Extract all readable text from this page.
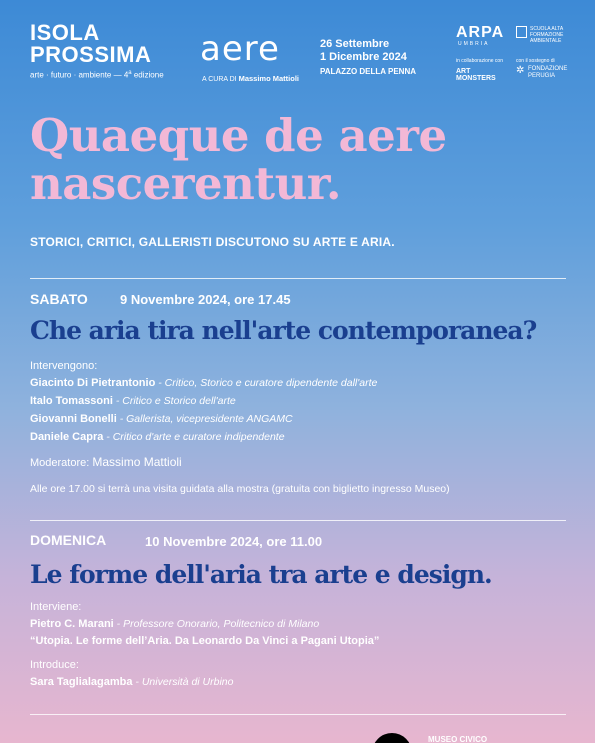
ISOLA
PROSSIMA
arte · futuro · ambiente — 4$^a$ edizione
aere
A CURA DI Massimo Mattioli
26 Settembre
1 Dicembre 2024
PALAZZO DELLA PENNA
ARPA
UMBRIA
SCUOLA ALTA
FORMAZIONE
AMBIENTALE
in collaborazione con
ART
MONSTERS
con il sostegno di
✲ FONDAZIONE
PERUGIA
Quaeque de aere
nascerentur.
STORICI, CRITICI, GALLERISTI DISCUTONO SU ARTE E ARIA.
SABATO 9 Novembre 2024, ore 17.45
Che aria tira nell'arte contemporanea?
Intervengono:
Giacinto Di Pietrantonio - Critico, Storico e curatore dipendente dall'arte
Italo Tomassoni - Critico e Storico dell'arte
Giovanni Bonelli - Gallerista, vicepresidente ANGAMC
Daniele Capra - Critico d'arte e curatore indipendente
Moderatore: Massimo Mattioli
Alle ore 17.00 si terrà una visita guidata alla mostra (gratuita con biglietto ingresso Museo)
DOMENICA	10 Novembre 2024, ore 11.00
Le forme dell'aria tra arte e design.
Interviene:
Pietro C. Marani - Professore Onorario, Politecnico di Milano
“Utopia. Le forme dell’Aria. Da Leonardo Da Vinci a Pagani Utopia”
Introduce:
Sara Taglialagamba - Università di Urbino
MUSEO CIVICO
